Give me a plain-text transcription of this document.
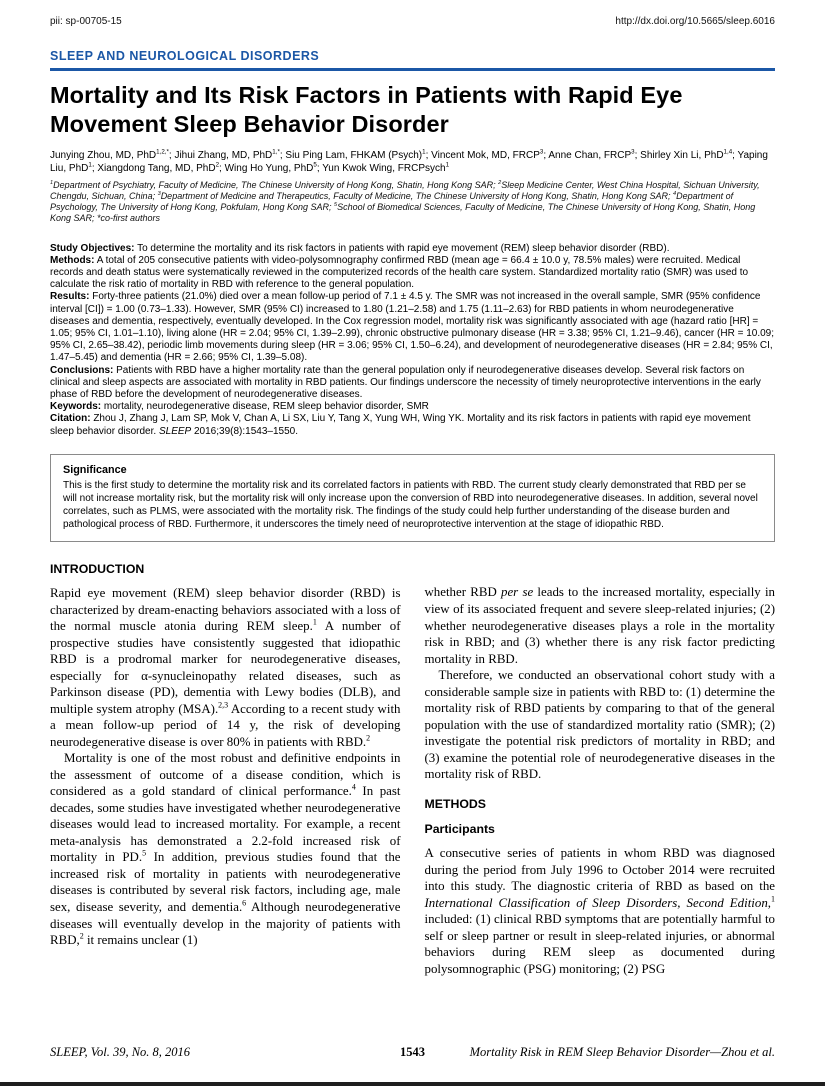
pii: sp-00705-15	http://dx.doi.org/10.5665/sleep.6016
SLEEP AND NEUROLOGICAL DISORDERS
Mortality and Its Risk Factors in Patients with Rapid Eye Movement Sleep Behavior Disorder

Junying Zhou, MD, PhD$^{1,2,*}$; Jihui Zhang, MD, PhD$^{1,*}$; Siu Ping Lam, FHKAM (Psych)$^1$; Vincent Mok, MD, FRCP$^3$; Anne Chan, FRCP$^3$; Shirley Xin Li, PhD$^{1,4}$; Yaping Liu, PhD$^1$; Xiangdong Tang, MD, PhD$^2$; Wing Ho Yung, PhD$^5$; Yun Kwok Wing, FRCPsych$^1$

$^1$Department of Psychiatry, Faculty of Medicine, The Chinese University of Hong Kong, Shatin, Hong Kong SAR; $^2$Sleep Medicine Center, West China Hospital, Sichuan University, Chengdu, Sichuan, China; $^3$Department of Medicine and Therapeutics, Faculty of Medicine, The Chinese University of Hong Kong, Shatin, Hong Kong SAR; $^4$Department of Psychology, The University of Hong Kong, Pokfulam, Hong Kong SAR; $^5$School of Biomedical Sciences, Faculty of Medicine, The Chinese University of Hong Kong, Shatin, Hong Kong SAR; *co-first authors

Study Objectives: To determine the mortality and its risk factors in patients with rapid eye movement (REM) sleep behavior disorder (RBD).

Methods: A total of 205 consecutive patients with video-polysomnography confirmed RBD (mean age = 66.4 ± 10.0 y, 78.5% males) were recruited. Medical records and death status were systematically reviewed in the computerized records of the health care system. Standardized mortality ratio (SMR) was used to calculate the risk ratio of mortality in RBD with reference to the general population.

Results: Forty-three patients (21.0%) died over a mean follow-up period of 7.1 ± 4.5 y. The SMR was not increased in the overall sample, SMR (95% confidence interval [CI]) = 1.00 (0.73–1.33). However, SMR (95% CI) increased to 1.80 (1.21–2.58) and 1.75 (1.11–2.63) for RBD patients in whom neurodegenerative diseases and dementia, respectively, eventually developed. In the Cox regression model, mortality risk was significantly associated with age (hazard ratio [HR] = 1.05; 95% CI, 1.01–1.10), living alone (HR = 2.04; 95% CI, 1.39–2.99), chronic obstructive pulmonary disease (HR = 3.38; 95% CI, 1.21–9.46), cancer (HR = 10.09; 95% CI, 2.65–38.42), periodic limb movements during sleep (HR = 3.06; 95% CI, 1.50–6.24), and development of neurodegenerative diseases (HR = 2.84; 95% CI, 1.47–5.45) and dementia (HR = 2.66; 95% CI, 1.39–5.08).

Conclusions: Patients with RBD have a higher mortality rate than the general population only if neurodegenerative diseases develop. Several risk factors on clinical and sleep aspects are associated with mortality in RBD patients. Our findings underscore the necessity of timely neuroprotective interventions in the early phase of RBD before the development of neurodegenerative diseases.

Keywords: mortality, neurodegenerative disease, REM sleep behavior disorder, SMR

Citation: Zhou J, Zhang J, Lam SP, Mok V, Chan A, Li SX, Liu Y, Tang X, Yung WH, Wing YK. Mortality and its risk factors in patients with rapid eye movement sleep behavior disorder. SLEEP 2016;39(8):1543–1550.

Significance

This is the first study to determine the mortality risk and its correlated factors in patients with RBD. The current study clearly demonstrated that RBD per se will not increase mortality risk, but the mortality risk will only increase upon the conversion of RBD into neurodegenerative diseases. In addition, several novel correlates, such as PLMS, were associated with the mortality risk. The findings of the study could help further understanding of the disease burden and pathological process of RBD. Furthermore, it underscores the timely need of neuroprotective intervention at the stage of idiopathic RBD.

INTRODUCTION

Rapid eye movement (REM) sleep behavior disorder (RBD) is characterized by dream-enacting behaviors associated with a loss of the normal muscle atonia during REM sleep.$^1$ A number of prospective studies have consistently suggested that idiopathic RBD is a prodromal marker for neurodegenerative diseases, especially for α-synucleinopathy related diseases, such as Parkinson disease (PD), dementia with Lewy bodies (DLB), and multiple system atrophy (MSA).$^{2,3}$ According to a recent study with a mean follow-up period of 14 y, the risk of developing neurodegenerative disease is over 80% in patients with RBD.$^2$

Mortality is one of the most robust and definitive endpoints in the assessment of outcome of a disease condition, which is considered as a gold standard of clinical performance.$^4$ In past decades, some studies have investigated whether neurodegenerative diseases would lead to increased mortality. For example, a recent meta-analysis has demonstrated a 2.2-fold increased risk of mortality in PD.$^5$ In addition, previous studies found that the increased risk of mortality in patients with neurodegenerative diseases is contributed by several risk factors, including age, male sex, disease severity, and dementia.$^6$ Although neurodegenerative diseases will eventually develop in the majority of patients with RBD,$^2$ it remains unclear (1)

whether RBD per se leads to the increased mortality, especially in view of its associated frequent and severe sleep-related injuries; (2) whether neurodegenerative diseases plays a role in the mortality risk in RBD; and (3) whether there is any risk factor predicting mortality in RBD.

Therefore, we conducted an observational cohort study with a considerable sample size in patients with RBD to: (1) determine the mortality risk of RBD patients by comparing to that of the general population with the use of standardized mortality ratio (SMR); (2) investigate the potential risk predictors of mortality in RBD; and (3) examine the potential role of neurodegenerative diseases in the mortality risk of RBD.

METHODS
Participants

A consecutive series of patients in whom RBD was diagnosed during the period from July 1996 to October 2014 were recruited into this study. The diagnostic criteria of RBD as based on the International Classification of Sleep Disorders, Second Edition,$^1$ included: (1) clinical RBD symptoms that are potentially harmful to self or sleep partner or result in sleep-related injuries, or abnormal behaviors during REM sleep as documented during polysomnographic (PSG) monitoring; (2) PSG

SLEEP, Vol. 39, No. 8, 2016	1543	Mortality Risk in REM Sleep Behavior Disorder—Zhou et al.
